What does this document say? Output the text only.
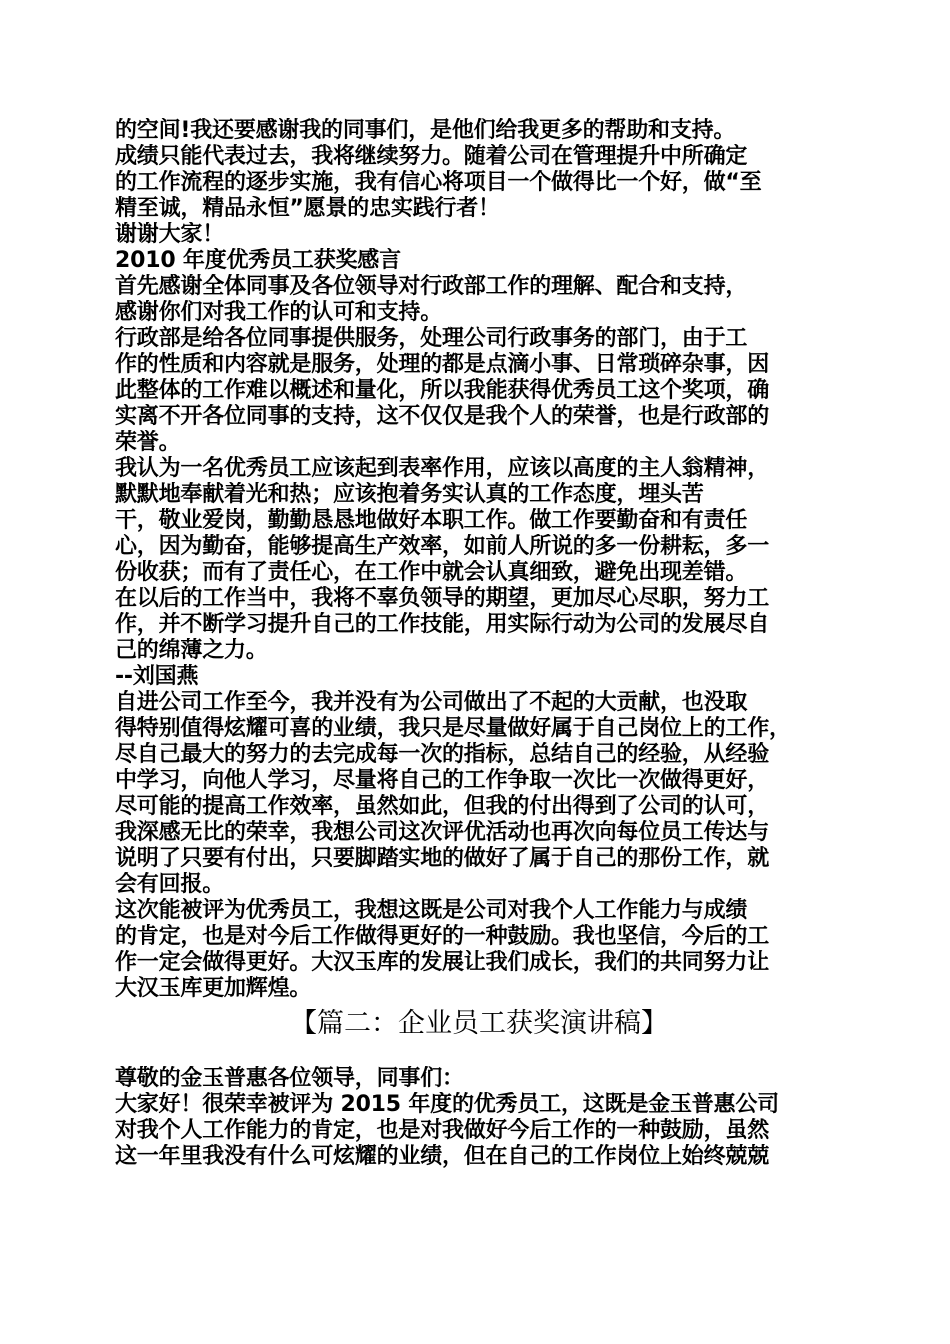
的空间!我还要感谢我的同事们，是他们给我更多的帮助和支持。
成绩只能代表过去，我将继续努力。随着公司在管理提升中所确定
的工作流程的逐步实施，我有信心将项目一个做得比一个好，做“至
精至诚，精品永恒”愿景的忠实践行者！
谢谢大家！
2010 年度优秀员工获奖感言
首先感谢全体同事及各位领导对行政部工作的理解、配合和支持，
感谢你们对我工作的认可和支持。
行政部是给各位同事提供服务，处理公司行政事务的部门，由于工
作的性质和内容就是服务，处理的都是点滴小事、日常琐碎杂事，因
此整体的工作难以概述和量化，所以我能获得优秀员工这个奖项，确
实离不开各位同事的支持，这不仅仅是我个人的荣誉，也是行政部的
荣誉。
我认为一名优秀员工应该起到表率作用，应该以高度的主人翁精神，
默默地奉献着光和热；应该抱着务实认真的工作态度，埋头苦
干，敬业爱岗，勤勤恳恳地做好本职工作。做工作要勤奋和有责任
心，因为勤奋，能够提高生产效率，如前人所说的多一份耕耘，多一
份收获；而有了责任心，在工作中就会认真细致，避免出现差错。
在以后的工作当中，我将不辜负领导的期望，更加尽心尽职，努力工
作，并不断学习提升自己的工作技能，用实际行动为公司的发展尽自
己的绵薄之力。
--刘国燕
自进公司工作至今，我并没有为公司做出了不起的大贡献，也没取
得特别值得炫耀可喜的业绩，我只是尽量做好属于自己岗位上的工作，
尽自己最大的努力的去完成每一次的指标，总结自己的经验，从经验
中学习，向他人学习，尽量将自己的工作争取一次比一次做得更好，
尽可能的提高工作效率，虽然如此，但我的付出得到了公司的认可，
我深感无比的荣幸，我想公司这次评优活动也再次向每位员工传达与
说明了只要有付出，只要脚踏实地的做好了属于自己的那份工作，就
会有回报。
这次能被评为优秀员工，我想这既是公司对我个人工作能力与成绩
的肯定，也是对今后工作做得更好的一种鼓励。我也坚信，今后的工
作一定会做得更好。大汉玉库的发展让我们成长，我们的共同努力让
大汉玉库更加辉煌。
【篇二：企业员工获奖演讲稿】
尊敬的金玉普惠各位领导，同事们：
大家好！很荣幸被评为 2015 年度的优秀员工，这既是金玉普惠公司
对我个人工作能力的肯定，也是对我做好今后工作的一种鼓励，虽然
这一年里我没有什么可炫耀的业绩，但在自己的工作岗位上始终兢兢
